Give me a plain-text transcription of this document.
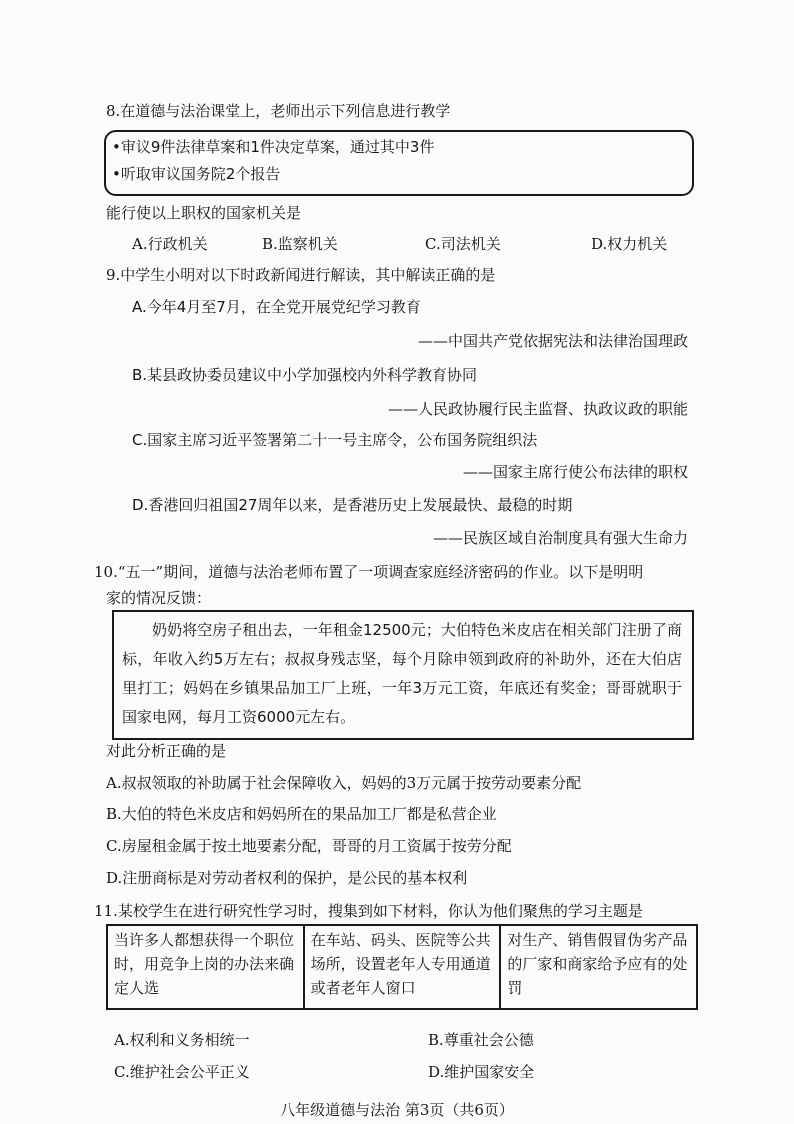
8.在道德与法治课堂上，老师出示下列信息进行教学
•审议9件法律草案和1件决定草案，通过其中3件
•听取审议国务院2个报告
能行使以上职权的国家机关是
A.行政机关	B.监察机关	C.司法机关	D.权力机关
9.中学生小明对以下时政新闻进行解读，其中解读正确的是
A.今年4月至7月，在全党开展党纪学习教育
——中国共产党依据宪法和法律治国理政
B.某县政协委员建议中小学加强校内外科学教育协同
——人民政协履行民主监督、执政议政的职能
C.国家主席习近平签署第二十一号主席令，公布国务院组织法
——国家主席行使公布法律的职权
D.香港回归祖国27周年以来，是香港历史上发展最快、最稳的时期
——民族区域自治制度具有强大生命力
10.“五一”期间，道德与法治老师布置了一项调查家庭经济密码的作业。以下是明明
家的情况反馈：
奶奶将空房子租出去，一年租金12500元；大伯特色米皮店在相关部门注册了商标，年收入约5万左右；叔叔身残志坚，每个月除申领到政府的补助外，还在大伯店里打工；妈妈在乡镇果品加工厂上班，一年3万元工资，年底还有奖金；哥哥就职于国家电网，每月工资6000元左右。
对此分析正确的是
A.叔叔领取的补助属于社会保障收入，妈妈的3万元属于按劳动要素分配
B.大伯的特色米皮店和妈妈所在的果品加工厂都是私营企业
C.房屋租金属于按土地要素分配，哥哥的月工资属于按劳分配
D.注册商标是对劳动者权利的保护，是公民的基本权利
11.某校学生在进行研究性学习时，搜集到如下材料，你认为他们聚焦的学习主题是
当许多人都想获得一个职位时，用竞争上岗的办法来确定人选	在车站、码头、医院等公共场所，设置老年人专用通道或者老年人窗口	对生产、销售假冒伪劣产品的厂家和商家给予应有的处罚
A.权利和义务相统一	B.尊重社会公德
C.维护社会公平正义	D.维护国家安全
八年级道德与法治 第3页（共6页）
